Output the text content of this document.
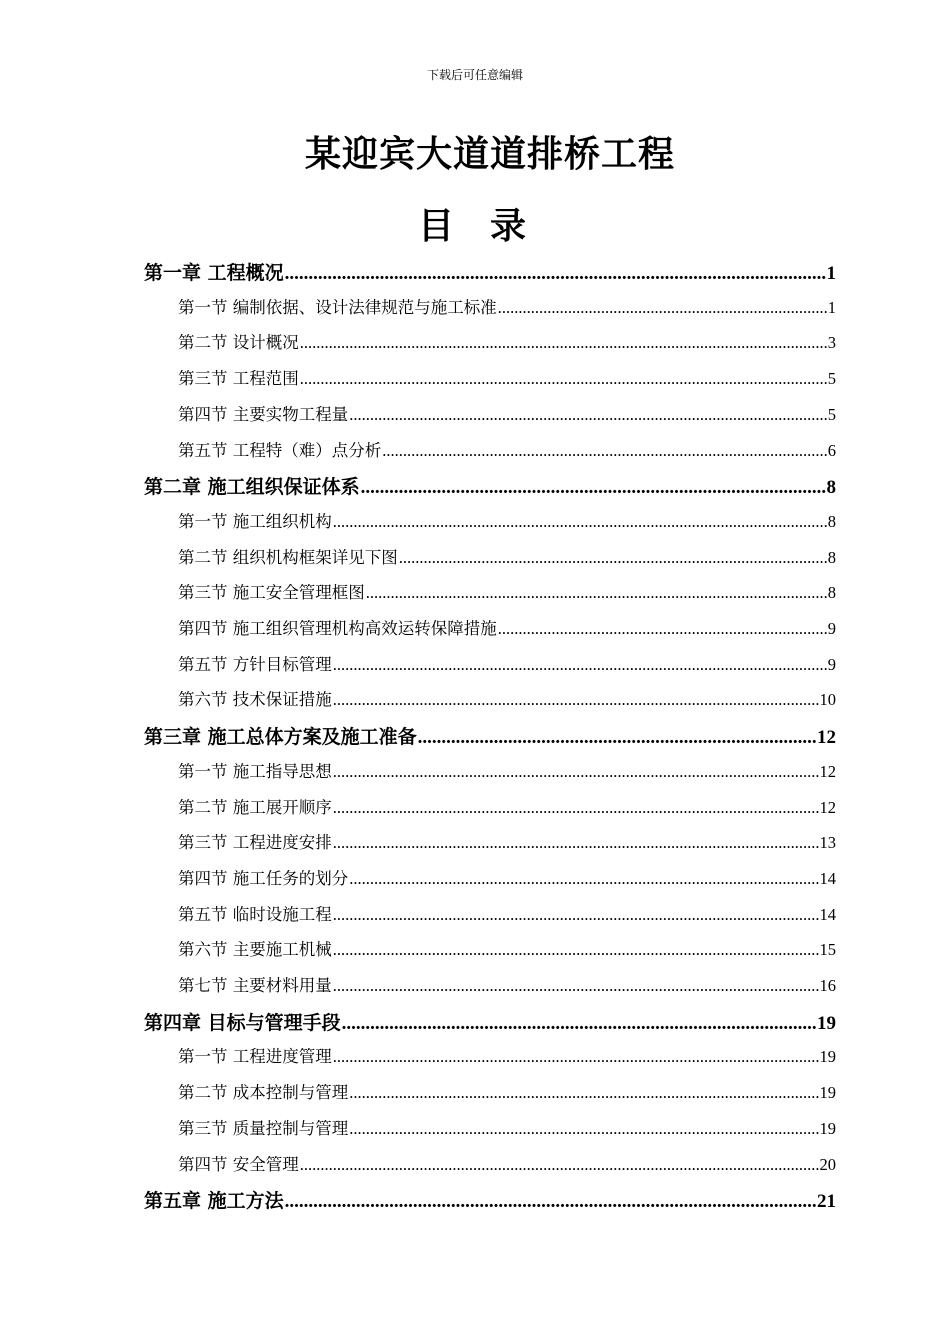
下载后可任意编辑
某迎宾大道道排桥工程
目录
第一章 工程概况 .....	1
第一节 编制依据、设计法律规范与施工标准 .....	1
第二节 设计概况 .....	3
第三节 工程范围 .....	5
第四节 主要实物工程量 .....	5
第五节 工程特（难）点分析 .....	6
第二章 施工组织保证体系 .....	8
第一节 施工组织机构 .....	8
第二节 组织机构框架详见下图 .....	8
第三节 施工安全管理框图 .....	8
第四节 施工组织管理机构高效运转保障措施 .....	9
第五节 方针目标管理 .....	9
第六节 技术保证措施 .....	10
第三章 施工总体方案及施工准备 .....	12
第一节 施工指导思想 .....	12
第二节 施工展开顺序 .....	12
第三节 工程进度安排 .....	13
第四节 施工任务的划分 .....	14
第五节 临时设施工程 .....	14
第六节 主要施工机械 .....	15
第七节 主要材料用量 .....	16
第四章 目标与管理手段 .....	19
第一节 工程进度管理 .....	19
第二节 成本控制与管理 .....	19
第三节 质量控制与管理 .....	19
第四节 安全管理 .....	20
第五章 施工方法 .....	21
